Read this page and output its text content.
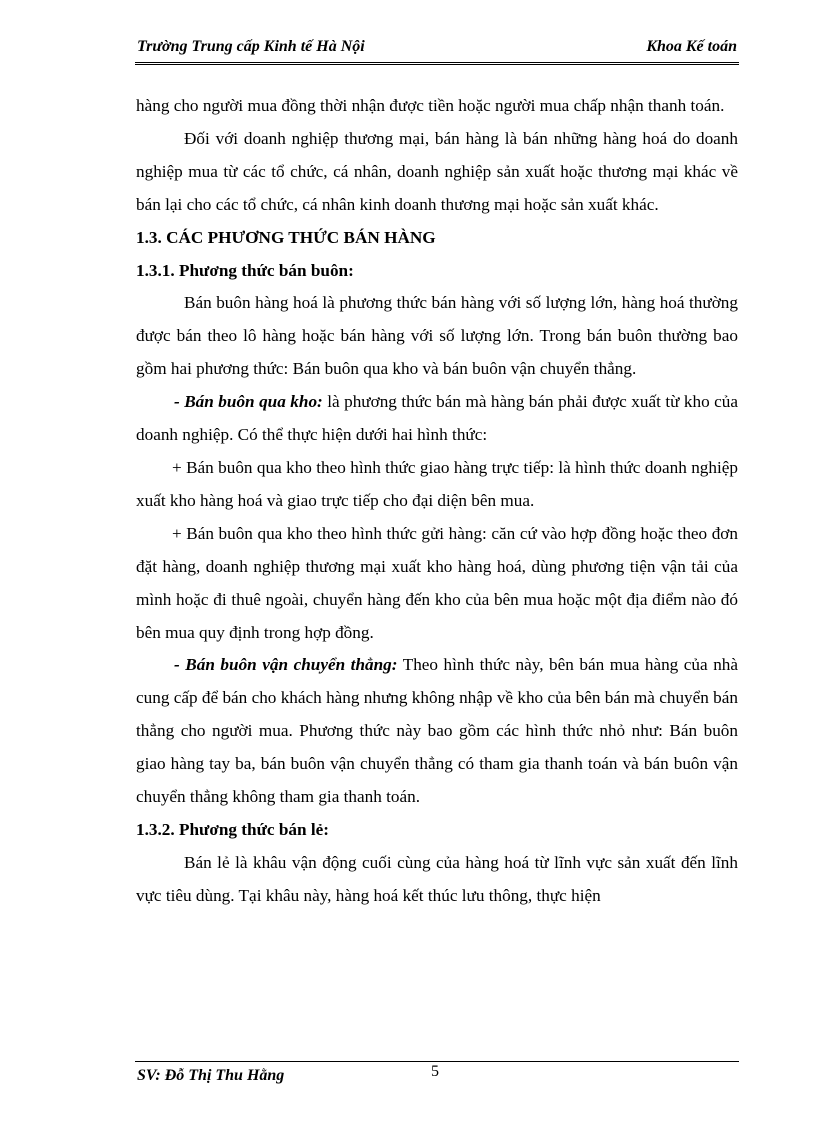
Trường Trung cấp Kinh tế Hà Nội	Khoa Kế toán

hàng cho người mua đồng thời nhận được tiền hoặc người mua chấp nhận thanh toán.

Đối với doanh nghiệp thương mại, bán hàng là bán những hàng hoá do doanh nghiệp mua từ các tổ chức, cá nhân, doanh nghiệp sản xuất hoặc thương mại khác về bán lại cho các tổ chức, cá nhân kinh doanh thương mại hoặc sản xuất khác.

1.3. CÁC PHƯƠNG THỨC BÁN HÀNG

1.3.1. Phương thức bán buôn:

Bán buôn hàng hoá là phương thức bán hàng với số lượng lớn, hàng hoá thường được bán theo lô hàng hoặc bán hàng với số lượng lớn. Trong bán buôn thường bao gồm hai phương thức: Bán buôn qua kho và bán buôn vận chuyển thẳng.

- Bán buôn qua kho: là phương thức bán mà hàng bán phải được xuất từ kho của doanh nghiệp. Có thể thực hiện dưới hai hình thức:

+ Bán buôn qua kho theo hình thức giao hàng trực tiếp: là hình thức doanh nghiệp xuất kho hàng hoá và giao trực tiếp cho đại diện bên mua.

+ Bán buôn qua kho theo hình thức gửi hàng: căn cứ vào hợp đồng hoặc theo đơn đặt hàng, doanh nghiệp thương mại xuất kho hàng hoá, dùng phương tiện vận tải của mình hoặc đi thuê ngoài, chuyển hàng đến kho của bên mua hoặc một địa điểm nào đó bên mua quy định trong hợp đồng.

- Bán buôn vận chuyển thẳng: Theo hình thức này, bên bán mua hàng của nhà cung cấp để bán cho khách hàng nhưng không nhập về kho của bên bán mà chuyển bán thẳng cho người mua. Phương thức này bao gồm các hình thức nhỏ như: Bán buôn giao hàng tay ba, bán buôn vận chuyển thẳng có tham gia thanh toán và bán buôn vận chuyển thẳng không tham gia thanh toán.

1.3.2. Phương thức bán lẻ:

Bán lẻ là khâu vận động cuối cùng của hàng hoá từ lĩnh vực sản xuất đến lĩnh vực tiêu dùng. Tại khâu này, hàng hoá kết thúc lưu thông, thực hiện

SV: Đỗ Thị Thu Hằng	5
